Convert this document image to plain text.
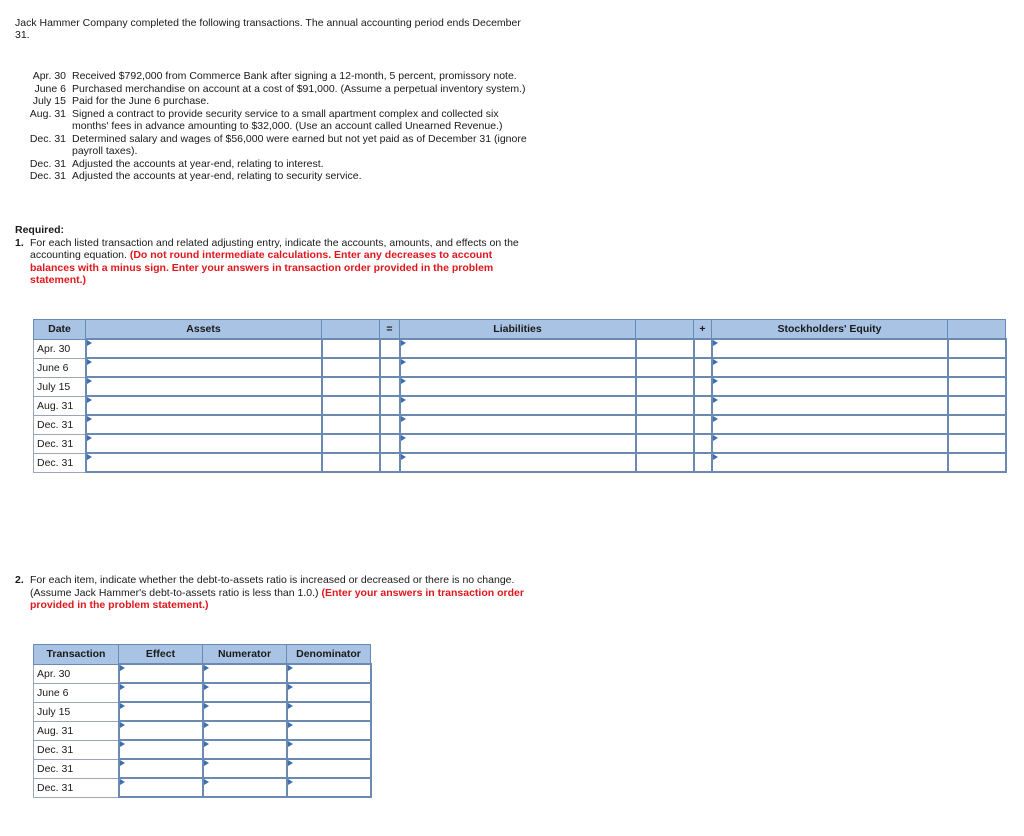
Jack Hammer Company completed the following transactions. The annual accounting period ends December 31.
Apr. 30	Received $792,000 from Commerce Bank after signing a 12-month, 5 percent, promissory note.
June 6	Purchased merchandise on account at a cost of $91,000. (Assume a perpetual inventory system.)
July 15	Paid for the June 6 purchase.
Aug. 31	Signed a contract to provide security service to a small apartment complex and collected six months' fees in advance amounting to $32,000. (Use an account called Unearned Revenue.)
Dec. 31	Determined salary and wages of $56,000 were earned but not yet paid as of December 31 (ignore payroll taxes).
Dec. 31	Adjusted the accounts at year-end, relating to interest.
Dec. 31	Adjusted the accounts at year-end, relating to security service.
Required:
1. For each listed transaction and related adjusting entry, indicate the accounts, amounts, and effects on the accounting equation. (Do not round intermediate calculations. Enter any decreases to account balances with a minus sign. Enter your answers in transaction order provided in the problem statement.)
Date	Assets		=	Liabilities		+	Stockholders' Equity	
Apr. 30	

June 6	

July 15	

Aug. 31	

Dec. 31	

Dec. 31	

Dec. 31	

2. For each item, indicate whether the debt-to-assets ratio is increased or decreased or there is no change. (Assume Jack Hammer's debt-to-assets ratio is less than 1.0.) (Enter your answers in transaction order provided in the problem statement.)
Transaction	Effect	Numerator	Denominator
Apr. 30	

June 6	

July 15	

Aug. 31	

Dec. 31	

Dec. 31	

Dec. 31	
